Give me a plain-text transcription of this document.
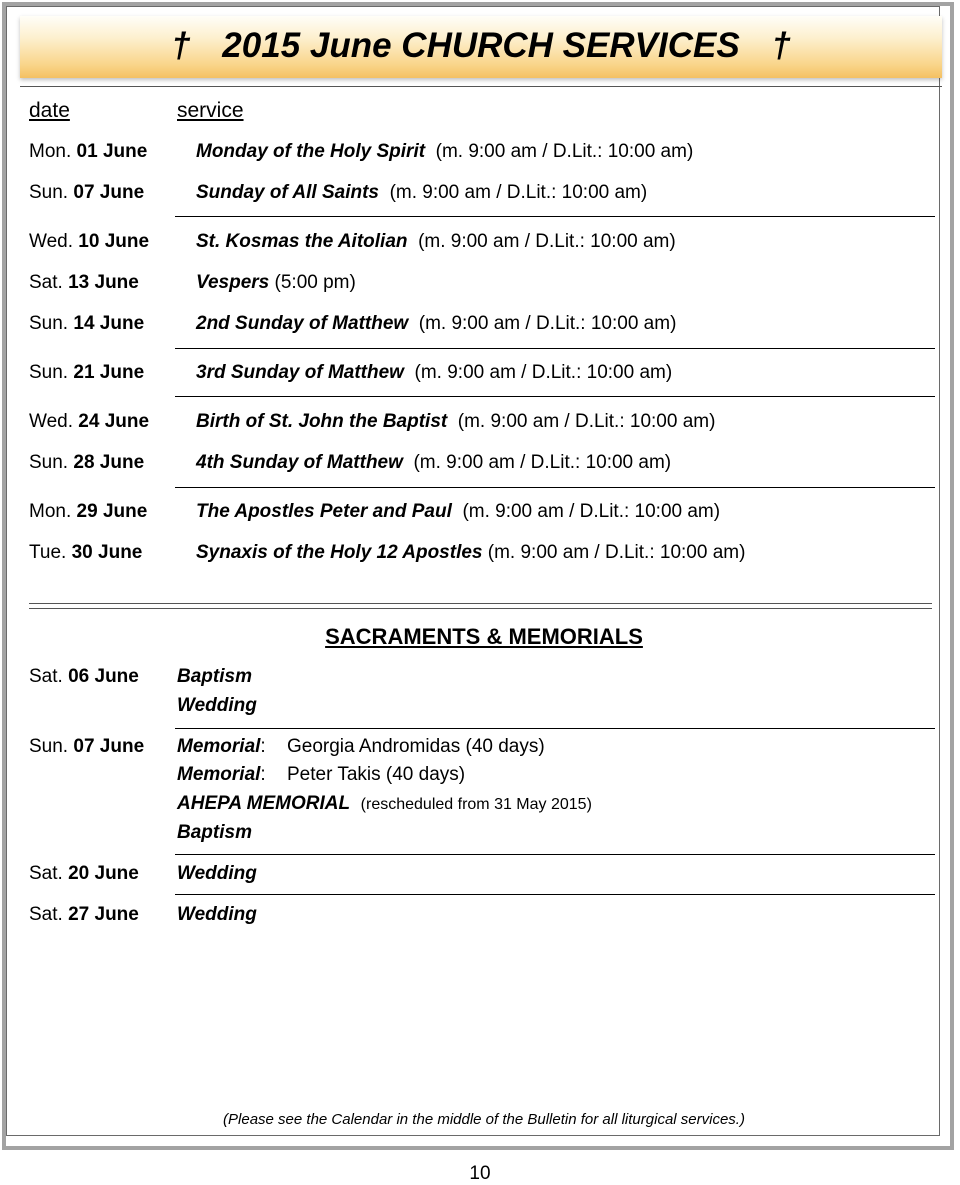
† 2015 June CHURCH SERVICES †
date	service
Mon. 01 June	Monday of the Holy Spirit (m. 9:00 am / D.Lit.: 10:00 am)
Sun. 07 June	Sunday of All Saints (m. 9:00 am / D.Lit.: 10:00 am)
Wed. 10 June St. Kosmas the Aitolian (m. 9:00 am / D.Lit.: 10:00 am)
Sat. 13 June	Vespers (5:00 pm)
Sun. 14 June	2nd Sunday of Matthew (m. 9:00 am / D.Lit.: 10:00 am)
Sun. 21 June	3rd Sunday of Matthew (m. 9:00 am / D.Lit.: 10:00 am)
Wed. 24 June Birth of St. John the Baptist (m. 9:00 am / D.Lit.: 10:00 am)
Sun. 28 June	4th Sunday of Matthew (m. 9:00 am / D.Lit.: 10:00 am)
Mon. 29 June	The Apostles Peter and Paul (m. 9:00 am / D.Lit.: 10:00 am)
Tue. 30 June	Synaxis of the Holy 12 Apostles (m. 9:00 am / D.Lit.: 10:00 am)
SACRAMENTS & MEMORIALS
Sat. 06 June Baptism
Wedding
Sun. 07 June Memorial: Georgia Andromidas (40 days)
Memorial: Peter Takis (40 days)
AHEPA MEMORIAL (rescheduled from 31 May 2015)
Baptism
Sat. 20 June Wedding
Sat. 27 June Wedding
(Please see the Calendar in the middle of the Bulletin for all liturgical services.)
10
